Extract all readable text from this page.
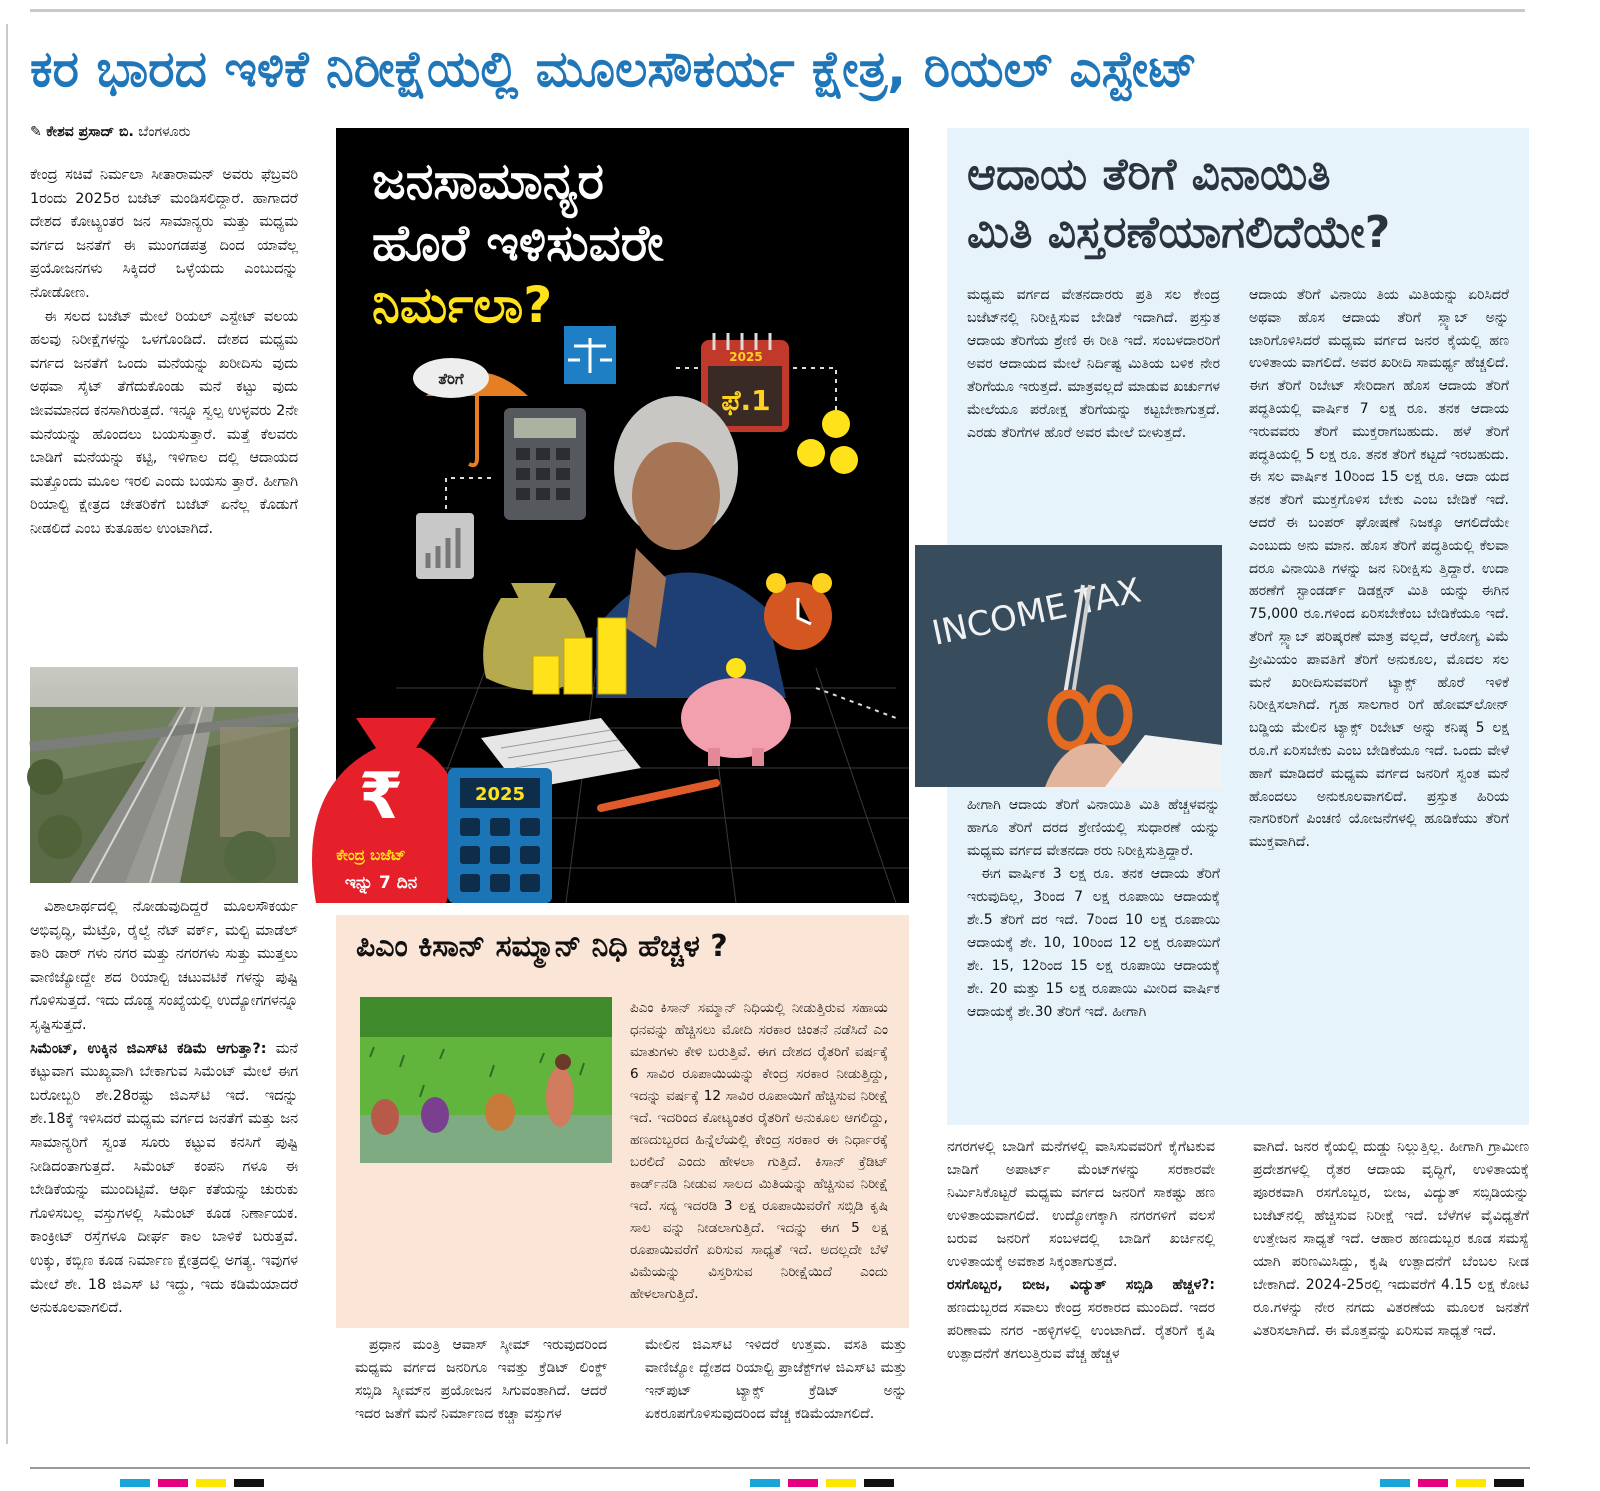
ಕರ ಭಾರದ ಇಳಿಕೆ ನಿರೀಕ್ಷೆಯಲ್ಲಿ ಮೂಲಸೌಕರ್ಯ ಕ್ಷೇತ್ರ, ರಿಯಲ್ ಎಸ್ಟೇಟ್
✎ ಕೇಶವ ಪ್ರಸಾದ್ ಬಿ. ಬೆಂಗಳೂರು

ಕೇಂದ್ರ ಸಚಿವೆ ನಿರ್ಮಲಾ ಸೀತಾರಾಮನ್ ಅವರು ಫೆಬ್ರವರಿ 1ರಂದು 2025ರ ಬಜೆಟ್ ಮಂಡಿಸಲಿದ್ದಾರೆ. ಹಾಗಾದರೆ ದೇಶದ ಕೋಟ್ಯಂತರ ಜನ ಸಾಮಾನ್ಯರು ಮತ್ತು ಮಧ್ಯಮ ವರ್ಗದ ಜನತೆಗೆ ಈ ಮುಂಗಡಪತ್ರ ದಿಂದ ಯಾವೆಲ್ಲ ಪ್ರಯೋಜನಗಳು ಸಿಕ್ಕಿದರೆ ಒಳ್ಳೆಯದು ಎಂಬುದನ್ನು ನೋಡೋಣ.

ಈ ಸಲದ ಬಜೆಟ್ ಮೇಲೆ ರಿಯಲ್ ಎಸ್ಟೇಟ್ ವಲಯ ಹಲವು ನಿರೀಕ್ಷೆಗಳನ್ನು ಒಳಗೊಂಡಿದೆ. ದೇಶದ ಮಧ್ಯಮ ವರ್ಗದ ಜನತೆಗೆ ಒಂದು ಮನೆಯನ್ನು ಖರೀದಿಸು ವುದು ಅಥವಾ ಸೈಟ್ ತೆಗೆದುಕೊಂಡು ಮನೆ ಕಟ್ಟು ವುದು ಜೀವಮಾನದ ಕನಸಾಗಿರುತ್ತದೆ. ಇನ್ನೂ ಸ್ವಲ್ಪ ಉಳ್ಳವರು 2ನೇ ಮನೆಯನ್ನು ಹೊಂದಲು ಬಯಸುತ್ತಾರೆ. ಮತ್ತೆ ಕೆಲವರು ಬಾಡಿಗೆ ಮನೆಯನ್ನು ಕಟ್ಟಿ, ಇಳಿಗಾಲ ದಲ್ಲಿ ಆದಾಯದ ಮತ್ತೊಂದು ಮೂಲ ಇರಲಿ ಎಂದು ಬಯಸು ತ್ತಾರೆ. ಹೀಗಾಗಿ ರಿಯಾಲ್ಟಿ ಕ್ಷೇತ್ರದ ಚೇತರಿಕೆಗೆ ಬಜೆಟ್ ಏನೆಲ್ಲ ಕೊಡುಗೆ ನೀಡಲಿದೆ ಎಂಬ ಕುತೂಹಲ ಉಂಟಾಗಿದೆ.

ವಿಶಾಲಾರ್ಥದಲ್ಲಿ ನೋಡುವುದಿದ್ದರೆ ಮೂಲಸೌಕರ್ಯ ಅಭಿವೃದ್ಧಿ, ಮೆಟ್ರೊ, ರೈಲ್ವೆ ನೆಟ್ ವರ್ಕ್, ಮಲ್ಟಿ ಮಾಡೆಲ್ ಕಾರಿ ಡಾರ್ ಗಳು ನಗರ ಮತ್ತು ನಗರಗಳು ಸುತ್ತು ಮುತ್ತಲು ವಾಣಿಜ್ಯೋದ್ದೇ ಶದ ರಿಯಾಲ್ಟಿ ಚಟುವಟಿಕೆ ಗಳನ್ನು ಪುಷ್ಟಿ ಗೊಳಿಸುತ್ತದೆ. ಇದು ದೊಡ್ಡ ಸಂಖ್ಯೆಯಲ್ಲಿ ಉದ್ಯೋಗಗಳನ್ನೂ ಸೃಷ್ಟಿಸುತ್ತದೆ.

ಸಿಮೆಂಟ್, ಉಕ್ಕಿನ ಜಿಎಸ್‌ಟಿ ಕಡಿಮೆ ಆಗುತ್ತಾ?: ಮನೆ ಕಟ್ಟುವಾಗ ಮುಖ್ಯವಾಗಿ ಬೇಕಾಗುವ ಸಿಮೆಂಟ್ ಮೇಲೆ ಈಗ ಬರೋಬ್ಬರಿ ಶೇ.28ರಷ್ಟು ಜಿಎಸ್‌ಟಿ ಇದೆ. ಇದನ್ನು ಶೇ.18ಕ್ಕೆ ಇಳಿಸಿದರೆ ಮಧ್ಯಮ ವರ್ಗದ ಜನತೆಗೆ ಮತ್ತು ಜನ ಸಾಮಾನ್ಯರಿಗೆ ಸ್ವಂತ ಸೂರು ಕಟ್ಟುವ ಕನಸಿಗೆ ಪುಷ್ಟಿ ನೀಡಿದಂತಾಗುತ್ತದೆ. ಸಿಮೆಂಟ್ ಕಂಪನಿ ಗಳೂ ಈ ಬೇಡಿಕೆಯನ್ನು ಮುಂದಿಟ್ಟಿವೆ. ಆರ್ಥಿ ಕತೆಯನ್ನು ಚುರುಕು ಗೊಳಿಸಬಲ್ಲ ವಸ್ತುಗಳಲ್ಲಿ ಸಿಮೆಂಟ್ ಕೂಡ ನಿರ್ಣಾಯಕ. ಕಾಂಕ್ರೀಟ್ ರಸ್ತೆಗಳೂ ದೀರ್ಘ ಕಾಲ ಬಾಳಿಕೆ ಬರುತ್ತವೆ. ಉಕ್ಕು, ಕಬ್ಬಿಣ ಕೂಡ ನಿರ್ಮಾಣ ಕ್ಷೇತ್ರದಲ್ಲಿ ಅಗತ್ಯ. ಇವುಗಳ ಮೇಲೆ ಶೇ. 18 ಜಿಎಸ್ ಟಿ ಇದ್ದು, ಇದು ಕಡಿಮೆಯಾದರೆ ಅನುಕೂಲವಾಗಲಿದೆ.

ಜನಸಾಮಾನ್ಯರ
ಹೊರೆ ಇಳಿಸುವರೇ
ನಿರ್ಮಲಾ?
2025
ಫೆ.1
ತೆರಿಗೆ
₹
ಕೇಂದ್ರ ಬಜೆಟ್
ಇನ್ನು 7 ದಿನ
2025
ಪಿಎಂ ಕಿಸಾನ್ ಸಮ್ಮಾನ್ ನಿಧಿ ಹೆಚ್ಚಳ ?
ಪಿಎಂ ಕಿಸಾನ್ ಸಮ್ಮಾನ್ ನಿಧಿಯಲ್ಲಿ ನೀಡುತ್ತಿರುವ ಸಹಾಯ ಧನವನ್ನು ಹೆಚ್ಚಿಸಲು ಮೋದಿ ಸರಕಾರ ಚಿಂತನೆ ನಡೆಸಿದೆ ಎಂ ಮಾತುಗಳು ಕೇಳಿ ಬರುತ್ತಿವೆ. ಈಗ ದೇಶದ ರೈತರಿಗೆ ವರ್ಷಕ್ಕೆ 6 ಸಾವಿರ ರೂಪಾಯಿಯನ್ನು ಕೇಂದ್ರ ಸರಕಾರ ನೀಡುತ್ತಿದ್ದು, ಇದನ್ನು ವರ್ಷಕ್ಕೆ 12 ಸಾವಿರ ರೂಪಾಯಿಗೆ ಹೆಚ್ಚಿಸುವ ನಿರೀಕ್ಷೆ ಇದೆ. ಇದರಿಂದ ಕೋಟ್ಯಂತರ ರೈತರಿಗೆ ಅನುಕೂಲ ಆಗಲಿದ್ದು, ಹಣದುಬ್ಬರದ ಹಿನ್ನೆಲೆಯಲ್ಲಿ ಕೇಂದ್ರ ಸರಕಾರ ಈ ನಿರ್ಧಾರಕ್ಕೆ ಬರಲಿದೆ ಎಂದು ಹೇಳಲಾ ಗುತ್ತಿದೆ. ಕಿಸಾನ್ ಕ್ರೆಡಿಟ್ ಕಾರ್ಡ್‌ನಡಿ ನೀಡುವ ಸಾಲದ ಮಿತಿಯನ್ನು ಹೆಚ್ಚಿಸುವ ನಿರೀಕ್ಷೆ ಇದೆ. ಸದ್ಯ ಇದರಡಿ 3 ಲಕ್ಷ ರೂಪಾಯಿವರೆಗೆ ಸಬ್ಸಿಡಿ ಕೃಷಿ ಸಾಲ ವನ್ನು ನೀಡಲಾಗುತ್ತಿದೆ. ಇದನ್ನು ಈಗ 5 ಲಕ್ಷ ರೂಪಾಯಿವರೆಗೆ ಏರಿಸುವ ಸಾಧ್ಯತೆ ಇದೆ. ಅದಲ್ಲದೇ ಬೆಳೆ ವಿಮೆಯನ್ನು ವಿಸ್ತರಿಸುವ ನಿರೀಕ್ಷೆಯಿದೆ ಎಂದು ಹೇಳಲಾಗುತ್ತಿದೆ.

ಪ್ರಧಾನ ಮಂತ್ರಿ ಆವಾಸ್ ಸ್ಕೀಮ್ ಇರುವುದರಿಂದ ಮಧ್ಯಮ ವರ್ಗದ ಜನರಿಗೂ ಇವತ್ತು ಕ್ರೆಡಿಟ್ ಲಿಂಕ್ಡ್ ಸಬ್ಸಿಡಿ ಸ್ಕೀಮ್‌ನ ಪ್ರಯೋಜನ ಸಿಗುವಂತಾಗಿದೆ. ಆದರೆ ಇದರ ಜತೆಗೆ ಮನೆ ನಿರ್ಮಾಣದ ಕಚ್ಚಾ ವಸ್ತುಗಳ

ಮೇಲಿನ ಜಿಎಸ್‌ಟಿ ಇಳಿದರೆ ಉತ್ತಮ. ವಸತಿ ಮತ್ತು ವಾಣಿಜ್ಯೋ ದ್ದೇಶದ ರಿಯಾಲ್ಟಿ ಪ್ರಾಜೆಕ್ಟ್‌ಗಳ ಜಿಎಸ್‌ಟಿ ಮತ್ತು ಇನ್‌ಪುಟ್ ಟ್ಯಾಕ್ಸ್ ಕ್ರೆಡಿಟ್ ಅನ್ನು ಏಕರೂಪಗೊಳಿಸುವುದರಿಂದ ವೆಚ್ಚ ಕಡಿಮೆಯಾಗಲಿದೆ.

ಆದಾಯ ತೆರಿಗೆ ವಿನಾಯಿತಿ
ಮಿತಿ ವಿಸ್ತರಣೆಯಾಗಲಿದೆಯೇ?

ಮಧ್ಯಮ ವರ್ಗದ ವೇತನದಾರರು ಪ್ರತಿ ಸಲ ಕೇಂದ್ರ ಬಜೆಟ್‌ನಲ್ಲಿ ನಿರೀಕ್ಷಿಸುವ ಬೇಡಿಕೆ ಇದಾಗಿದೆ. ಪ್ರಸ್ತುತ ಆದಾಯ ತೆರಿಗೆಯ ಶ್ರೇಣಿ ಈ ರೀತಿ ಇದೆ. ಸಂಬಳದಾರರಿಗೆ ಅವರ ಆದಾಯದ ಮೇಲೆ ನಿರ್ದಿಷ್ಟ ಮಿತಿಯ ಬಳಿಕ ನೇರ ತೆರಿಗೆಯೂ ಇರುತ್ತದೆ. ಮಾತ್ರವಲ್ಲದೆ ಮಾಡುವ ಖರ್ಚುಗಳ ಮೇಲೆಯೂ ಪರೋಕ್ಷ ತೆರಿಗೆಯನ್ನು ಕಟ್ಟಬೇಕಾಗುತ್ತದೆ. ಎರಡು ತೆರಿಗೆಗಳ ಹೊರೆ ಅವರ ಮೇಲೆ ಬೀಳುತ್ತದೆ.

ಹೀಗಾಗಿ ಆದಾಯ ತೆರಿಗೆ ವಿನಾಯಿತಿ ಮಿತಿ ಹೆಚ್ಚಳವನ್ನು ಹಾಗೂ ತೆರಿಗೆ ದರದ ಶ್ರೇಣಿಯಲ್ಲಿ ಸುಧಾರಣೆ ಯನ್ನು ಮಧ್ಯಮ ವರ್ಗದ ವೇತನದಾ ರರು ನಿರೀಕ್ಷಿಸುತ್ತಿದ್ದಾರೆ.

ಈಗ ವಾರ್ಷಿಕ 3 ಲಕ್ಷ ರೂ. ತನಕ ಆದಾಯ ತೆರಿಗೆ ಇರುವುದಿಲ್ಲ, 3ರಿಂದ 7 ಲಕ್ಷ ರೂಪಾಯಿ ಆದಾಯಕ್ಕೆ ಶೇ.5 ತೆರಿಗೆ ದರ ಇದೆ. 7ರಿಂದ 10 ಲಕ್ಷ ರೂಪಾಯಿ ಆದಾಯಕ್ಕೆ ಶೇ. 10, 10ರಿಂದ 12 ಲಕ್ಷ ರೂಪಾಯಿಗೆ ಶೇ. 15, 12ರಿಂದ 15 ಲಕ್ಷ ರೂಪಾಯಿ ಆದಾಯಕ್ಕೆ ಶೇ. 20 ಮತ್ತು 15 ಲಕ್ಷ ರೂಪಾಯಿ ಮೀರಿದ ವಾರ್ಷಿಕ ಆದಾಯಕ್ಕೆ ಶೇ.30 ತೆರಿಗೆ ಇದೆ. ಹೀಗಾಗಿ

ಆದಾಯ ತೆರಿಗೆ ವಿನಾಯಿ ತಿಯ ಮಿತಿಯನ್ನು ಏರಿಸಿದರೆ ಅಥವಾ ಹೊಸ ಆದಾಯ ತೆರಿಗೆ ಸ್ಲ್ಯಾಬ್ ಅನ್ನು ಜಾರಿಗೊಳಿಸಿದರೆ ಮಧ್ಯಮ ವರ್ಗದ ಜನರ ಕೈಯಲ್ಲಿ ಹಣ ಉಳಿತಾಯ ವಾಗಲಿದೆ. ಅವರ ಖರೀದಿ ಸಾಮರ್ಥ್ಯ ಹೆಚ್ಚಲಿದೆ. ಈಗ ತೆರಿಗೆ ರಿಬೇಟ್ ಸೇರಿದಾಗ ಹೊಸ ಆದಾಯ ತೆರಿಗೆ ಪದ್ಧತಿಯಲ್ಲಿ ವಾರ್ಷಿಕ 7 ಲಕ್ಷ ರೂ. ತನಕ ಆದಾಯ ಇರುವವರು ತೆರಿಗೆ ಮುಕ್ತರಾಗಬಹುದು. ಹಳೆ ತೆರಿಗೆ ಪದ್ಧತಿಯಲ್ಲಿ 5 ಲಕ್ಷ ರೂ. ತನಕ ತೆರಿಗೆ ಕಟ್ಟದೆ ಇರಬಹುದು. ಈ ಸಲ ವಾರ್ಷಿಕ 10ರಿಂದ 15 ಲಕ್ಷ ರೂ. ಆದಾ ಯದ ತನಕ ತೆರಿಗೆ ಮುಕ್ತಗೊಳಿಸ ಬೇಕು ಎಂಬ ಬೇಡಿಕೆ ಇದೆ. ಆದರೆ ಈ ಬಂಪರ್ ಘೋಷಣೆ ನಿಜಕ್ಕೂ ಆಗಲಿದೆಯೇ ಎಂಬುದು ಅನು ಮಾನ. ಹೊಸ ತೆರಿಗೆ ಪದ್ಧತಿಯಲ್ಲಿ ಕೆಲವಾ ದರೂ ವಿನಾಯಿತಿ ಗಳನ್ನು ಜನ ನಿರೀಕ್ಷಿಸು ತ್ತಿದ್ದಾರೆ. ಉದಾ ಹರಣೆಗೆ ಸ್ಟಾಂಡರ್ಡ್ ಡಿಡಕ್ಷನ್ ಮಿತಿ ಯನ್ನು ಈಗಿನ 75,000 ರೂ.ಗಳಿಂದ ಏರಿಸಬೇಕೆಂಬ ಬೇಡಿಕೆಯೂ ಇದೆ. ತೆರಿಗೆ ಸ್ಲ್ಯಾಬ್ ಪರಿಷ್ಕರಣೆ ಮಾತ್ರ ವಲ್ಲದೆ, ಆರೋಗ್ಯ ವಿಮೆ ಪ್ರೀಮಿಯಂ ಪಾವತಿಗೆ ತೆರಿಗೆ ಅನುಕೂಲ, ಮೊದಲ ಸಲ ಮನೆ ಖರೀದಿಸುವವರಿಗೆ ಟ್ಯಾಕ್ಸ್ ಹೊರೆ ಇಳಿಕೆ ನಿರೀಕ್ಷಿಸಲಾಗಿದೆ. ಗೃಹ ಸಾಲಗಾರ ರಿಗೆ ಹೋಮ್‌ಲೋನ್ ಬಡ್ಡಿಯ ಮೇಲಿನ ಟ್ಯಾಕ್ಸ್ ರಿಬೇಟ್ ಅನ್ನು ಕನಿಷ್ಠ 5 ಲಕ್ಷ ರೂ.ಗೆ ಏರಿಸಬೇಕು ಎಂಬ ಬೇಡಿಕೆಯೂ ಇದೆ. ಒಂದು ವೇಳೆ ಹಾಗೆ ಮಾಡಿದರೆ ಮಧ್ಯಮ ವರ್ಗದ ಜನರಿಗೆ ಸ್ವಂತ ಮನೆ ಹೊಂದಲು ಅನುಕೂಲವಾಗಲಿದೆ. ಪ್ರಸ್ತುತ ಹಿರಿಯ ನಾಗರಿಕರಿಗೆ ಪಿಂಚಣಿ ಯೋಜನೆಗಳಲ್ಲಿ ಹೂಡಿಕೆಯು ತೆರಿಗೆ ಮುಕ್ತವಾಗಿದೆ.

INCOME TAX

ನಗರಗಳಲ್ಲಿ ಬಾಡಿಗೆ ಮನೆಗಳಲ್ಲಿ ವಾಸಿಸುವವರಿಗೆ ಕೈಗೆಟಕುವ ಬಾಡಿಗೆ ಅಪಾರ್ಟ್ ಮೆಂಟ್‌ಗಳನ್ನು ಸರಕಾರವೇ ನಿರ್ಮಿಸಿಕೊಟ್ಟರೆ ಮಧ್ಯಮ ವರ್ಗದ ಜನರಿಗೆ ಸಾಕಷ್ಟು ಹಣ ಉಳಿತಾಯವಾಗಲಿದೆ. ಉದ್ಯೋಗಕ್ಕಾಗಿ ನಗರಗಳಿಗೆ ವಲಸೆ ಬರುವ ಜನರಿಗೆ ಸಂಬಳದಲ್ಲಿ ಬಾಡಿಗೆ ಖರ್ಚಿನಲ್ಲಿ ಉಳಿತಾಯಕ್ಕೆ ಅವಕಾಶ ಸಿಕ್ಕಂತಾಗುತ್ತದೆ.

ರಸಗೊಬ್ಬರ, ಬೀಜ, ವಿದ್ಯುತ್ ಸಬ್ಸಿಡಿ ಹೆಚ್ಚಳ?: ಹಣದುಬ್ಬರದ ಸವಾಲು ಕೇಂದ್ರ ಸರಕಾರದ ಮುಂದಿದೆ. ಇದರ ಪರಿಣಾಮ ನಗರ -ಹಳ್ಳಿಗಳಲ್ಲಿ ಉಂಟಾಗಿದೆ. ರೈತರಿಗೆ ಕೃಷಿ ಉತ್ಪಾದನೆಗೆ ತಗಲುತ್ತಿರುವ ವೆಚ್ಚ ಹೆಚ್ಚಳ

ವಾಗಿದೆ. ಜನರ ಕೈಯಲ್ಲಿ ದುಡ್ಡು ನಿಲ್ಲುತ್ತಿಲ್ಲ. ಹೀಗಾಗಿ ಗ್ರಾಮೀಣ ಪ್ರದೇಶಗಳಲ್ಲಿ ರೈತರ ಆದಾಯ ವೃದ್ಧಿಗೆ, ಉಳಿತಾಯಕ್ಕೆ ಪೂರಕವಾಗಿ ರಸಗೊಬ್ಬರ, ಬೀಜ, ವಿದ್ಯುತ್ ಸಬ್ಸಿಡಿಯನ್ನು ಬಜೆಟ್‌ನಲ್ಲಿ ಹೆಚ್ಚಿಸುವ ನಿರೀಕ್ಷೆ ಇದೆ. ಬೆಳೆಗಳ ವೈವಿಧ್ಯತೆಗೆ ಉತ್ತೇಜನ ಸಾಧ್ಯತೆ ಇದೆ. ಆಹಾರ ಹಣದುಬ್ಬರ ಕೂಡ ಸಮಸ್ಯೆ ಯಾಗಿ ಪರಿಣಮಿಸಿದ್ದು, ಕೃಷಿ ಉತ್ಪಾದನೆಗೆ ಬೆಂಬಲ ನೀಡ ಬೇಕಾಗಿದೆ. 2024-25ರಲ್ಲಿ ಇದುವರೆಗೆ 4.15 ಲಕ್ಷ ಕೋಟಿ ರೂ.ಗಳನ್ನು ನೇರ ನಗದು ವಿತರಣೆಯ ಮೂಲಕ ಜನತೆಗೆ ವಿತರಿಸಲಾಗಿದೆ. ಈ ಮೊತ್ತವನ್ನು ಏರಿಸುವ ಸಾಧ್ಯತೆ ಇದೆ.
